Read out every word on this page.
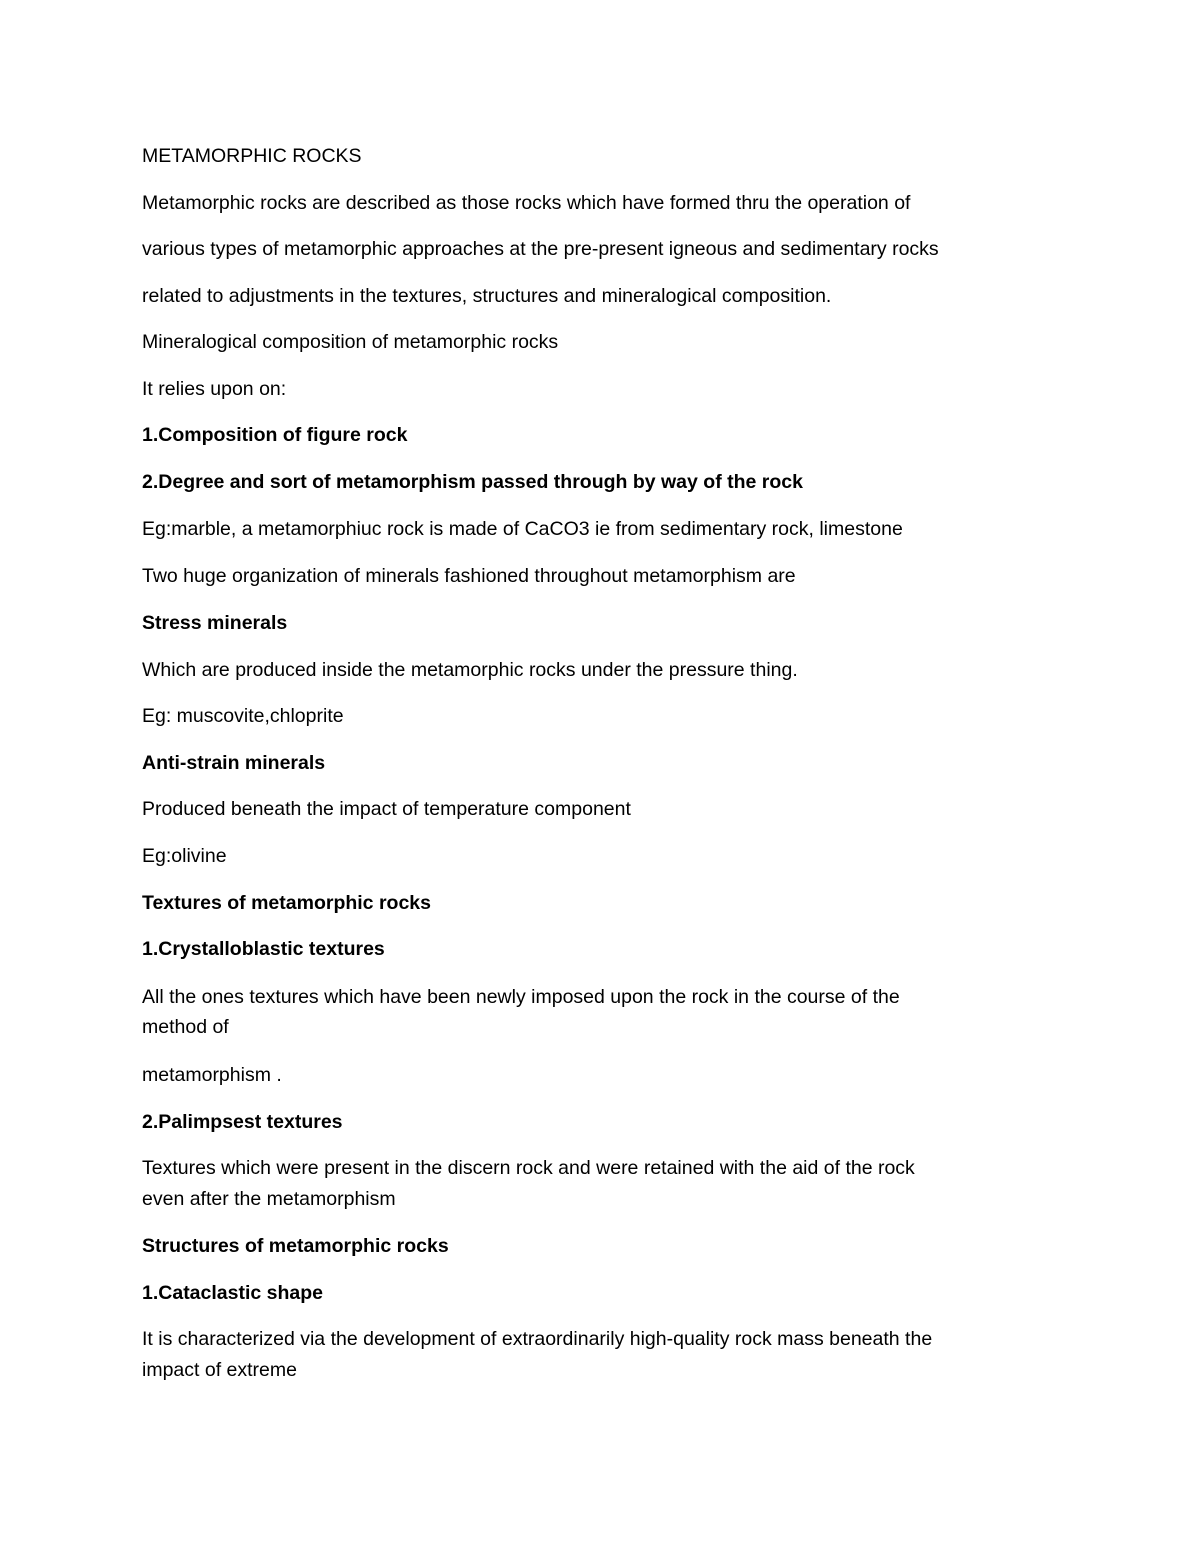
METAMORPHIC ROCKS
Metamorphic rocks are described as those rocks which have formed thru the operation of
various types of metamorphic approaches at the pre-present igneous and sedimentary rocks
related to adjustments in the textures, structures and mineralogical composition.
Mineralogical composition of metamorphic rocks
It relies upon on:
1.Composition of figure rock
2.Degree and sort of metamorphism passed through by way of the rock
Eg:marble, a metamorphiuc rock is made of CaCO3 ie from sedimentary rock, limestone
Two huge organization of minerals fashioned throughout metamorphism are
Stress minerals
Which are produced inside the metamorphic rocks under the pressure thing.
Eg: muscovite,chloprite
Anti-strain minerals
Produced beneath the impact of temperature component
Eg:olivine
Textures of metamorphic rocks
1.Crystalloblastic textures
All the ones textures which have been newly imposed upon the rock in the course of the
method of
metamorphism .
2.Palimpsest textures
Textures which were present in the discern rock and were retained with the aid of the rock
even after the metamorphism
Structures of metamorphic rocks
1.Cataclastic shape
It is characterized via the development of extraordinarily high-quality rock mass beneath the
impact of extreme
